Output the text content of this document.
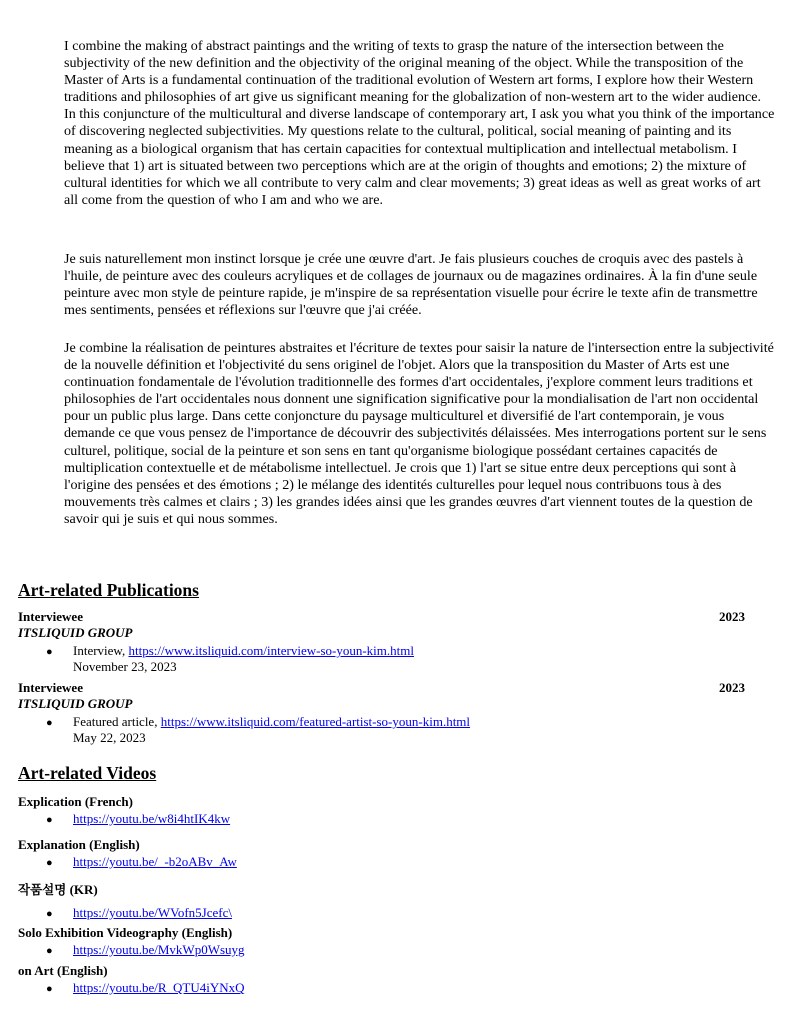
I combine the making of abstract paintings and the writing of texts to grasp the nature of the intersection between the subjectivity of the new definition and the objectivity of the original meaning of the object. While the transposition of the Master of Arts is a fundamental continuation of the traditional evolution of Western art forms, I explore how their Western traditions and philosophies of art give us significant meaning for the globalization of non-western art to the wider audience. In this conjuncture of the multicultural and diverse landscape of contemporary art, I ask you what you think of the importance of discovering neglected subjectivities. My questions relate to the cultural, political, social meaning of painting and its meaning as a biological organism that has certain capacities for contextual multiplication and intellectual metabolism. I believe that 1) art is situated between two perceptions which are at the origin of thoughts and emotions; 2) the mixture of cultural identities for which we all contribute to very calm and clear movements; 3) great ideas as well as great works of art all come from the question of who I am and who we are.

Je suis naturellement mon instinct lorsque je crée une œuvre d'art. Je fais plusieurs couches de croquis avec des pastels à l'huile, de peinture avec des couleurs acryliques et de collages de journaux ou de magazines ordinaires. À la fin d'une seule peinture avec mon style de peinture rapide, je m'inspire de sa représentation visuelle pour écrire le texte afin de transmettre mes sentiments, pensées et réflexions sur l'œuvre que j'ai créée.

Je combine la réalisation de peintures abstraites et l'écriture de textes pour saisir la nature de l'intersection entre la subjectivité de la nouvelle définition et l'objectivité du sens originel de l'objet. Alors que la transposition du Master of Arts est une continuation fondamentale de l'évolution traditionnelle des formes d'art occidentales, j'explore comment leurs traditions et philosophies de l'art occidentales nous donnent une signification significative pour la mondialisation de l'art non occidental pour un public plus large. Dans cette conjoncture du paysage multiculturel et diversifié de l'art contemporain, je vous demande ce que vous pensez de l'importance de découvrir des subjectivités délaissées. Mes interrogations portent sur le sens culturel, politique, social de la peinture et son sens en tant qu'organisme biologique possédant certaines capacités de multiplication contextuelle et de métabolisme intellectuel. Je crois que 1) l'art se situe entre deux perceptions qui sont à l'origine des pensées et des émotions ; 2) le mélange des identités culturelles pour lequel nous contribuons tous à des mouvements très calmes et clairs ; 3) les grandes idées ainsi que les grandes œuvres d'art viennent toutes de la question de savoir qui je suis et qui nous sommes.

Art-related Publications
Interviewee	2023
ITSLIQUID GROUP
● Interview, https://www.itsliquid.com/interview-so-youn-kim.html
November 23, 2023
Interviewee	2023
ITSLIQUID GROUP
● Featured article, https://www.itsliquid.com/featured-artist-so-youn-kim.html
May 22, 2023
Art-related Videos
Explication (French)
● https://youtu.be/w8i4htIK4kw
Explanation (English)
● https://youtu.be/_-b2oABv_Aw
작품설명 (KR)
● https://youtu.be/WVofn5Jcefc\
Solo Exhibition Videography (English)
● https://youtu.be/MvkWp0Wsuyg
on Art (English)
● https://youtu.be/R_QTU4iYNxQ
